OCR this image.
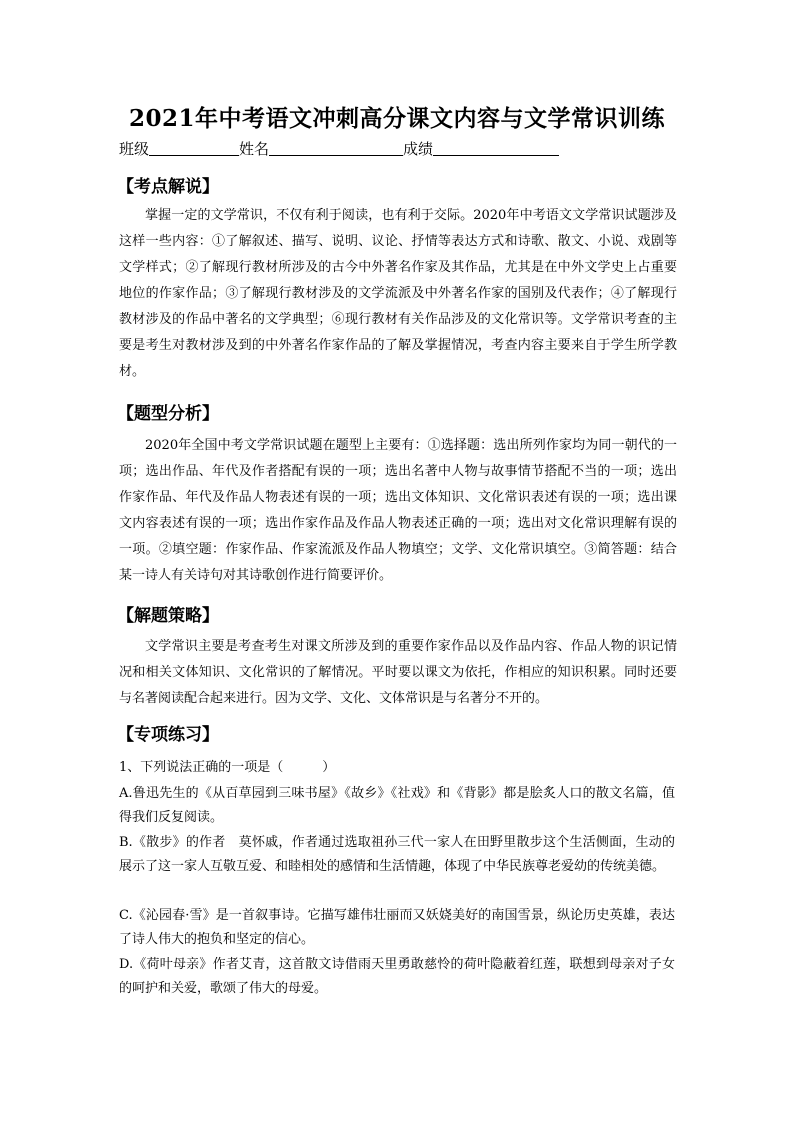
2021年中考语文冲刺高分课文内容与文学常识训练
班级	姓名	成绩
【考点解说】

掌握一定的文学常识，不仅有利于阅读，也有利于交际。2020年中考语文文学常识试题涉及这样一些内容：①了解叙述、描写、说明、议论、抒情等表达方式和诗歌、散文、小说、戏剧等文学样式；②了解现行教材所涉及的古今中外著名作家及其作品，尤其是在中外文学史上占重要地位的作家作品；③了解现行教材涉及的文学流派及中外著名作家的国别及代表作；④了解现行教材涉及的作品中著名的文学典型；⑥现行教材有关作品涉及的文化常识等。文学常识考查的主要是考生对教材涉及到的中外著名作家作品的了解及掌握情况，考查内容主要来自于学生所学教材。

【题型分析】

2020年全国中考文学常识试题在题型上主要有：①选择题：选出所列作家均为同一朝代的一项；选出作品、年代及作者搭配有误的一项；选出名著中人物与故事情节搭配不当的一项；选出作家作品、年代及作品人物表述有误的一项；选出文体知识、文化常识表述有误的一项；选出课文内容表述有误的一项；选出作家作品及作品人物表述正确的一项；选出对文化常识理解有误的一项。②填空题：作家作品、作家流派及作品人物填空；文学、文化常识填空。③简答题：结合某一诗人有关诗句对其诗歌创作进行简要评价。

【解题策略】

文学常识主要是考查考生对课文所涉及到的重要作家作品以及作品内容、作品人物的识记情况和相关文体知识、文化常识的了解情况。平时要以课文为依托，作相应的知识积累。同时还要与名著阅读配合起来进行。因为文学、文化、文体常识是与名著分不开的。

【专项练习】

1、下列说法正确的一项是（　　　）

A.鲁迅先生的《从百草园到三味书屋》《故乡》《社戏》和《背影》都是脍炙人口的散文名篇，值得我们反复阅读。

B.《散步》的作者　莫怀戚，作者通过选取祖孙三代一家人在田野里散步这个生活侧面，生动的展示了这一家人互敬互爱、和睦相处的感情和生活情趣，体现了中华民族尊老爱幼的传统美德。

C.《沁园春·雪》是一首叙事诗。它描写雄伟壮丽而又妖娆美好的南国雪景，纵论历史英雄，表达了诗人伟大的抱负和坚定的信心。

D.《荷叶母亲》作者艾青，这首散文诗借雨天里勇敢慈怜的荷叶隐蔽着红莲，联想到母亲对子女的呵护和关爱，歌颂了伟大的母爱。
